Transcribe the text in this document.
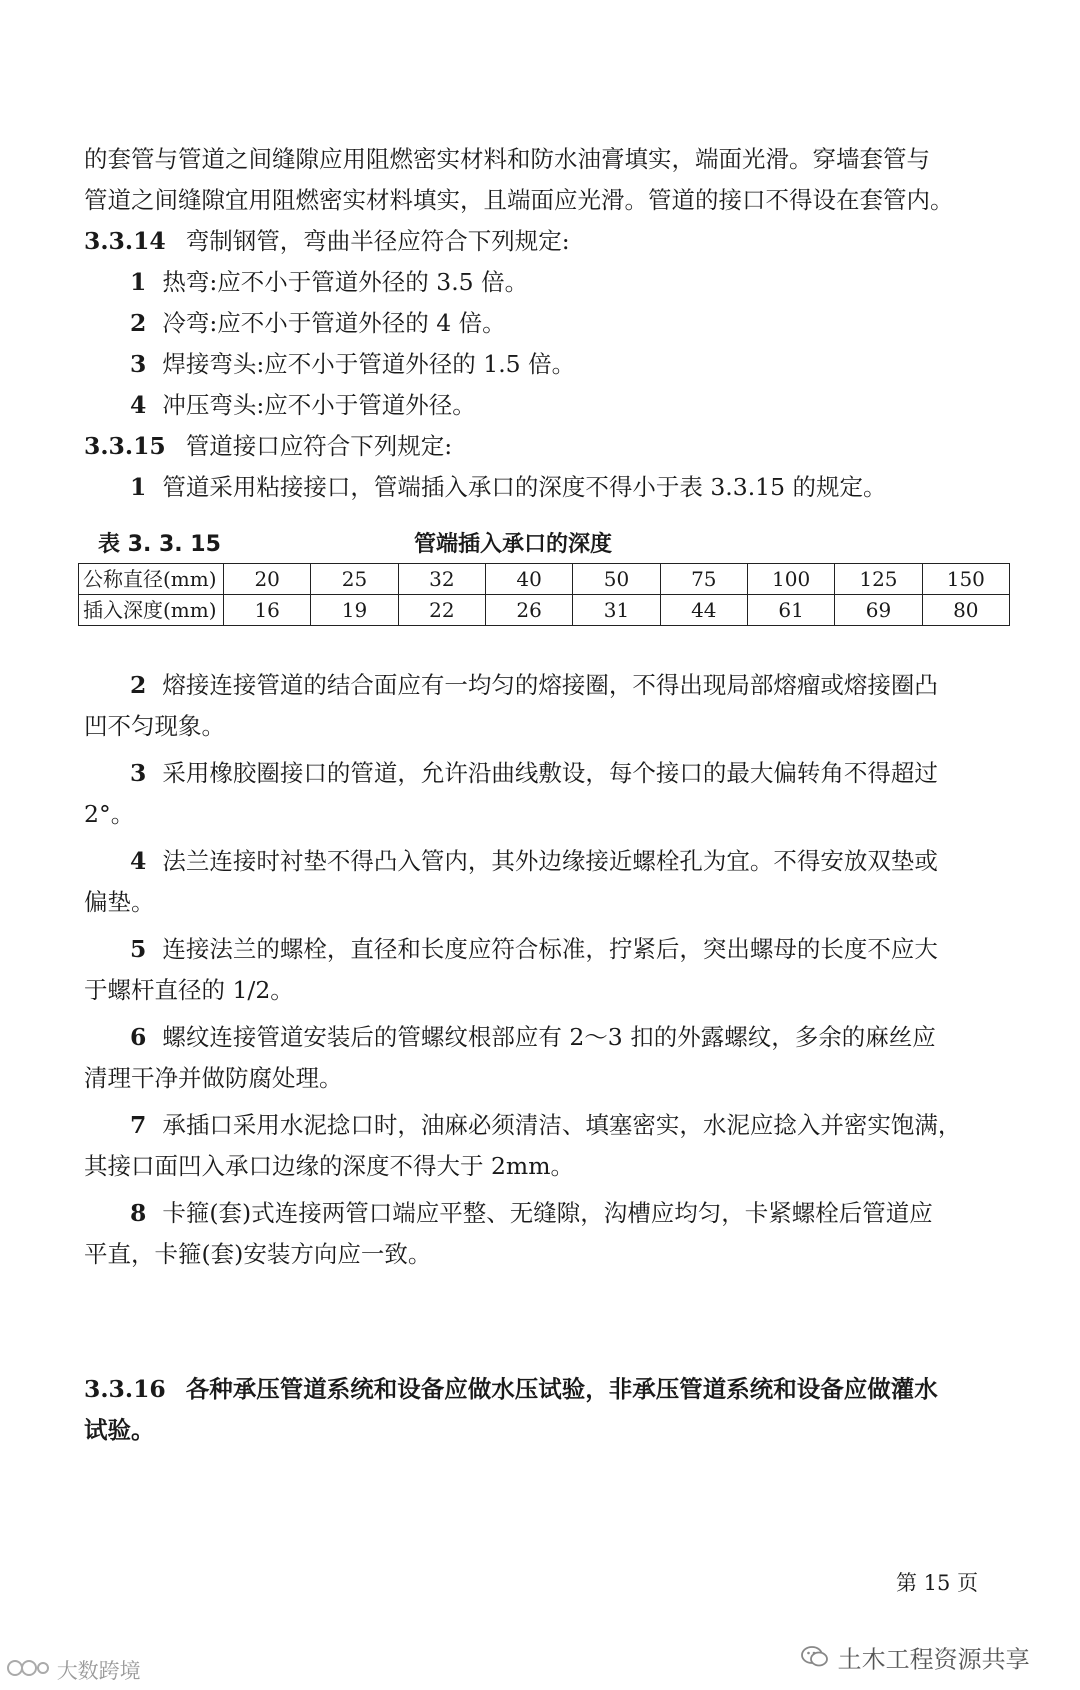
的套管与管道之间缝隙应用阻燃密实材料和防水油膏填实，端面光滑。穿墙套管与
管道之间缝隙宜用阻燃密实材料填实，且端面应光滑。管道的接口不得设在套管内。
3.3.14 弯制钢管，弯曲半径应符合下列规定:
1 热弯:应不小于管道外径的 3.5 倍。
2 冷弯:应不小于管道外径的 4 倍。
3 焊接弯头:应不小于管道外径的 1.5 倍。
4 冲压弯头:应不小于管道外径。
3.3.15 管道接口应符合下列规定:
1 管道采用粘接接口，管端插入承口的深度不得小于表 3.3.15 的规定。
表 3. 3. 15	管端插入承口的深度
公称直径(mm)	20	25	32	40	50	75	100	125	150
插入深度(mm)	16	19	22	26	31	44	61	69	80
2 熔接连接管道的结合面应有一均匀的熔接圈，不得出现局部熔瘤或熔接圈凸
凹不匀现象。
3 采用橡胶圈接口的管道，允许沿曲线敷设，每个接口的最大偏转角不得超过
2°。
4 法兰连接时衬垫不得凸入管内，其外边缘接近螺栓孔为宜。不得安放双垫或
偏垫。
5 连接法兰的螺栓，直径和长度应符合标准，拧紧后，突出螺母的长度不应大
于螺杆直径的 1/2。
6 螺纹连接管道安装后的管螺纹根部应有 2～3 扣的外露螺纹，多余的麻丝应
清理干净并做防腐处理。
7 承插口采用水泥捻口时，油麻必须清洁、填塞密实，水泥应捻入并密实饱满，
其接口面凹入承口边缘的深度不得大于 2mm。
8 卡箍(套)式连接两管口端应平整、无缝隙，沟槽应均匀，卡紧螺栓后管道应
平直，卡箍(套)安装方向应一致。
3.3.16 各种承压管道系统和设备应做水压试验，非承压管道系统和设备应做灌水
试验。
第 15 页
土木工程资源共享
大数跨境
